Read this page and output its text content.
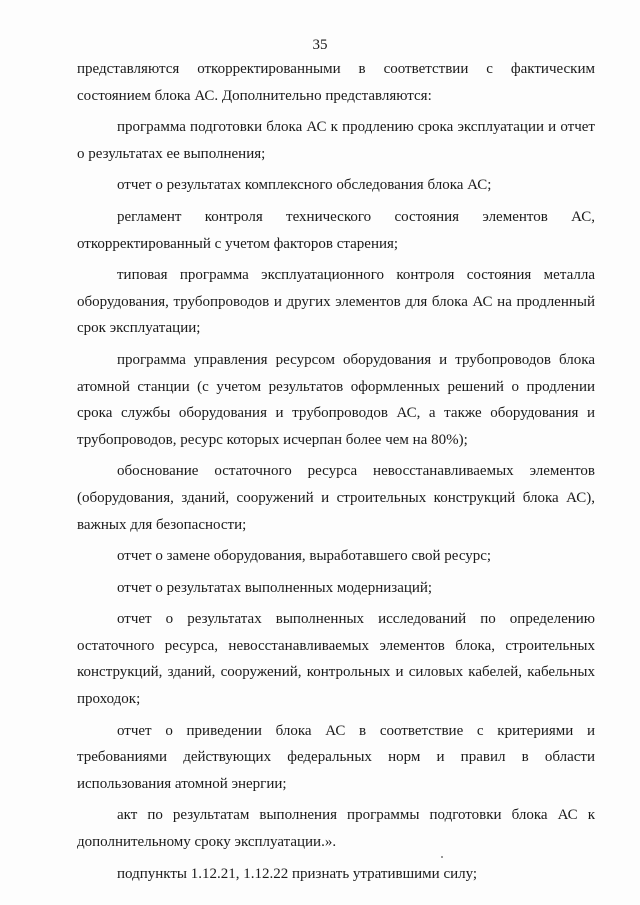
35

представляются откорректированными в соответствии с фактическим состоянием блока АС. Дополнительно представляются:

программа подготовки блока АС к продлению срока эксплуатации и отчет о результатах ее выполнения;

отчет о результатах комплексного обследования блока АС;

регламент контроля технического состояния элементов АС, откорректированный с учетом факторов старения;

типовая программа эксплуатационного контроля состояния металла оборудования, трубопроводов и других элементов для блока АС на продленный срок эксплуатации;

программа управления ресурсом оборудования и трубопроводов блока атомной станции (с учетом результатов оформленных решений о продлении срока службы оборудования и трубопроводов АС, а также оборудования и трубопроводов, ресурс которых исчерпан более чем на 80%);

обоснование остаточного ресурса невосстанавливаемых элементов (оборудования, зданий, сооружений и строительных конструкций блока АС), важных для безопасности;

отчет о замене оборудования, выработавшего свой ресурс;

отчет о результатах выполненных модернизаций;

отчет о результатах выполненных исследований по определению остаточного ресурса, невосстанавливаемых элементов блока, строительных конструкций, зданий, сооружений, контрольных и силовых кабелей, кабельных проходок;

отчет о приведении блока АС в соответствие с критериями и требованиями действующих федеральных норм и правил в области использования атомной энергии;

акт по результатам выполнения программы подготовки блока АС к дополнительному сроку эксплуатации.».

подпункты 1.12.21, 1.12.22 признать утратившими силу;
